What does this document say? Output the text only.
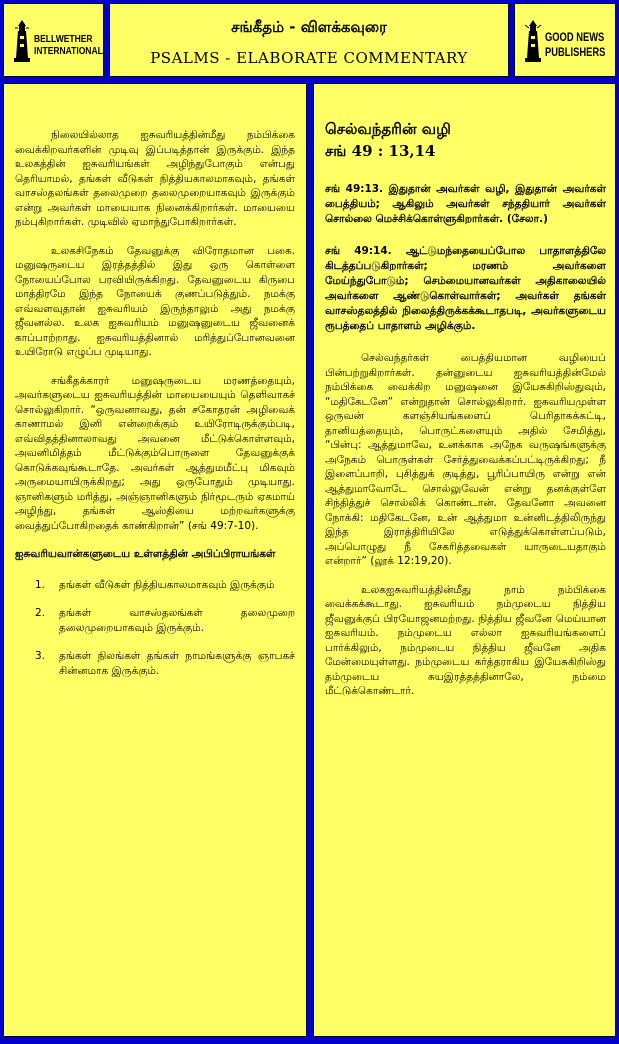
BELLWETHER
INTERNATIONAL
சங்கீதம் - விளக்கவுரை
PSALMS - ELABORATE COMMENTARY
GOOD NEWS
PUBLISHERS

நிலையில்லாத ஐசுவரியத்தின்மீது நம்பிக்கை வைக்கிறவர்களின் முடிவு இப்படித்தான் இருக்கும். இந்த உலகத்தின் ஐசுவரியங்கள் அழிந்துபோகும் என்பது தெரியாமல், தங்கள் வீடுகள் நித்தியகாலமாகவும், தங்கள் வாசஸ்தலங்கள் தலைமுறை தலைமுறையாகவும் இருக்கும் என்று அவர்கள் மாயையாக நினைக்கிறார்கள். மாயையை நம்புகிறார்கள். முடிவில் ஏமாந்துபோகிறார்கள்.

உலகசிநேகம் தேவனுக்கு விரோதமான பகை. மனுஷருடைய இரத்தத்தில் இது ஒரு கொள்ளை நோயைப்போல பரவியிருக்கிறது. தேவனுடைய கிருபை மாத்திரமே இந்த நோயைக் குணப்படுத்தும். நமக்கு எவ்வளவுதான் ஐசுவரியம் இருந்தாலும் அது நமக்கு ஜீவனல்ல. உலக ஐசுவரியம் மனுஷனுடைய ஜீவனைக் காப்பாற்றாது. ஐசுவரியத்தினால் மரித்துப்போனவனை உயிரோடு எழுப்ப முடியாது.

சங்கீதக்காரர் மனுஷருடைய மரணத்தையும், அவர்களுடைய ஐசுவரியத்தின் மாயையையும் தெளிவாகச் சொல்லுகிறார். “ஒருவனாவது, தன் சகோதரன் அழிவைக் காணாமல் இனி என்றைக்கும் உயிரோடிருக்கும்படி, எவ்விதத்தினாலாவது அவனை மீட்டுக்கொள்ளவும், அவனிமித்தம் மீட்டுக்கும்பொருளை தேவனுக்குக் கொடுக்கவுங்கூடாதே. அவர்கள் ஆத்துமமீட்பு மிகவும் அருமையாயிருக்கிறது; அது ஒருபோதும் முடியாது. ஞானிகளும் மரித்து, அஞ்ஞானிகளும் நிர்மூடரும் ஏகமாய் அழிந்து, தங்கள் ஆஸ்தியை மற்றவர்களுக்கு வைத்துப்போகிறதைக் காண்கிறான்” (சங் 49:7-10).

ஐசுவரியவான்களுடைய உள்ளத்தின் அபிப்பிராயங்கள்

1. தங்கள் வீடுகள் நித்தியகாலமாகவும் இருக்கும்
2. தங்கள் வாசஸ்தலங்கள் தலைமுறை தலைமுறையாகவும் இருக்கும்.
3. தங்கள் நிலங்கள் தங்கள் நாமங்களுக்கு ஞாபகச் சின்னமாக இருக்கும்.
செல்வந்தரின் வழி
சங் 49 : 13,14

சங் 49:13. இதுதான் அவர்கள் வழி, இதுதான் அவர்கள் பைத்தியம்; ஆகிலும் அவர்கள் சந்ததியார் அவர்கள் சொல்லை மெச்சிக்கொள்ளுகிறார்கள். (சேலா.)

சங் 49:14. ஆட்டுமந்தையைப்போல பாதாளத்திலே கிடத்தப்படுகிறார்கள்; மரணம் அவர்களை மேய்ந்துபோடும்; செம்மையானவர்கள் அதிகாலையில் அவர்களை ஆண்டுகொள்வார்கள்; அவர்கள் தங்கள் வாசஸ்தலத்தில் நிலைத்திருக்கக்கூடாதபடி, அவர்களுடைய ரூபத்தைப் பாதாளம் அழிக்கும்.

செல்வந்தர்கள் பைத்தியமான வழியைப் பின்பற்றுகிறார்கள். தன்னுடைய ஐசுவரியத்தின்மேல் நம்பிக்கை வைக்கிற மனுஷனை இயேசுகிறிஸ்துவும், “மதிகேடனே” என்றுதான் சொல்லுகிறார். ஐசுவரியமுள்ள ஒருவன் களஞ்சியங்களைப் பெரிதாகக்கட்டி, தானியத்தையும், பொருட்களையும் அதில் சேமித்து, “பின்பு: ஆத்துமாவே, உனக்காக அநேக வருஷங்களுக்கு அநேகம் பொருள்கள் சேர்த்துவைக்கப்பட்டிருக்கிறது; நீ இளைப்பாறி, புசித்துக் குடித்து, பூரிப்பாயிரு என்று என் ஆத்துமாவோடே சொல்லுவேன் என்று தனக்குள்ளே சிந்தித்துச் சொல்லிக் கொண்டான். தேவனோ அவனை நோக்கி: மதிகேடனே, உன் ஆத்துமா உன்னிடத்திலிருந்து இந்த இராத்திரியிலே எடுத்துக்கொள்ளப்படும், அப்பொழுது நீ சேகரித்தவைகள் யாருடையதாகும் என்றார்” (லூக் 12:19,20).

உலகஐசுவரியத்தின்மீது நாம் நம்பிக்கை வைக்கக்கூடாது. ஐசுவரியம் நம்முடைய நித்திய ஜீவனுக்குப் பிரயோஜனமற்றது. நித்திய ஜீவனே மெய்யான ஐசுவரியம். நம்முடைய எல்லா ஐசுவரியங்களைப் பார்க்கிலும், நம்முடைய நித்திய ஜீவனே அதிக மேன்மையுள்ளது. நம்முடைய கர்த்தராகிய இயேசுகிறிஸ்து தம்முடைய சுயஇரத்தத்தினாலே, நம்மை மீட்டுக்கொண்டார்.
